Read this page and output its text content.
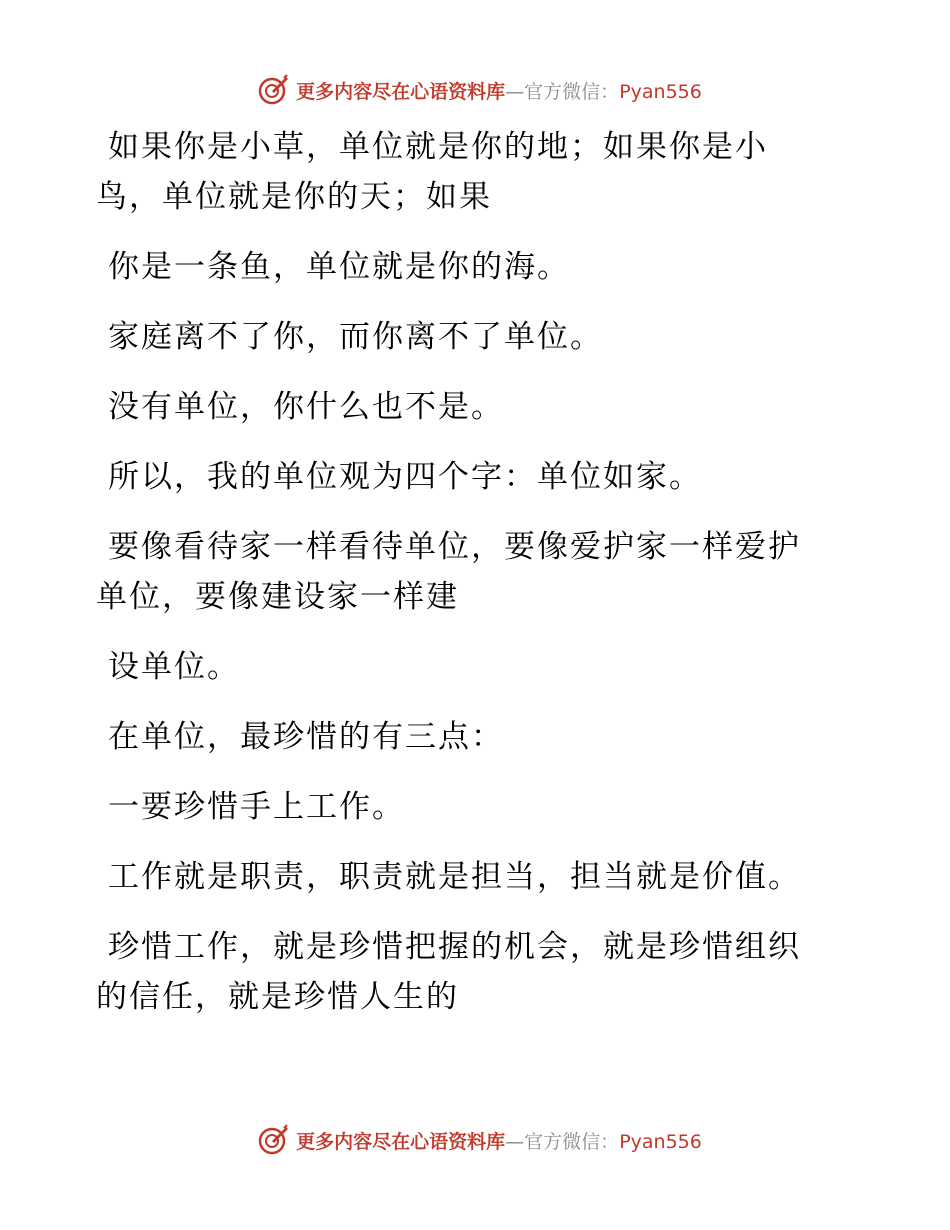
更多内容尽在心语资料库—官方微信：Pyan556

如果你是小草，单位就是你的地；如果你是小

鸟，单位就是你的天；如果

你是一条鱼，单位就是你的海。

家庭离不了你，而你离不了单位。

没有单位，你什么也不是。

所以，我的单位观为四个字：单位如家。

要像看待家一样看待单位，要像爱护家一样爱护

单位，要像建设家一样建

设单位。

在单位，最珍惜的有三点：

一要珍惜手上工作。

工作就是职责，职责就是担当，担当就是价值。

珍惜工作，就是珍惜把握的机会，就是珍惜组织

的信任，就是珍惜人生的

更多内容尽在心语资料库—官方微信：Pyan556
